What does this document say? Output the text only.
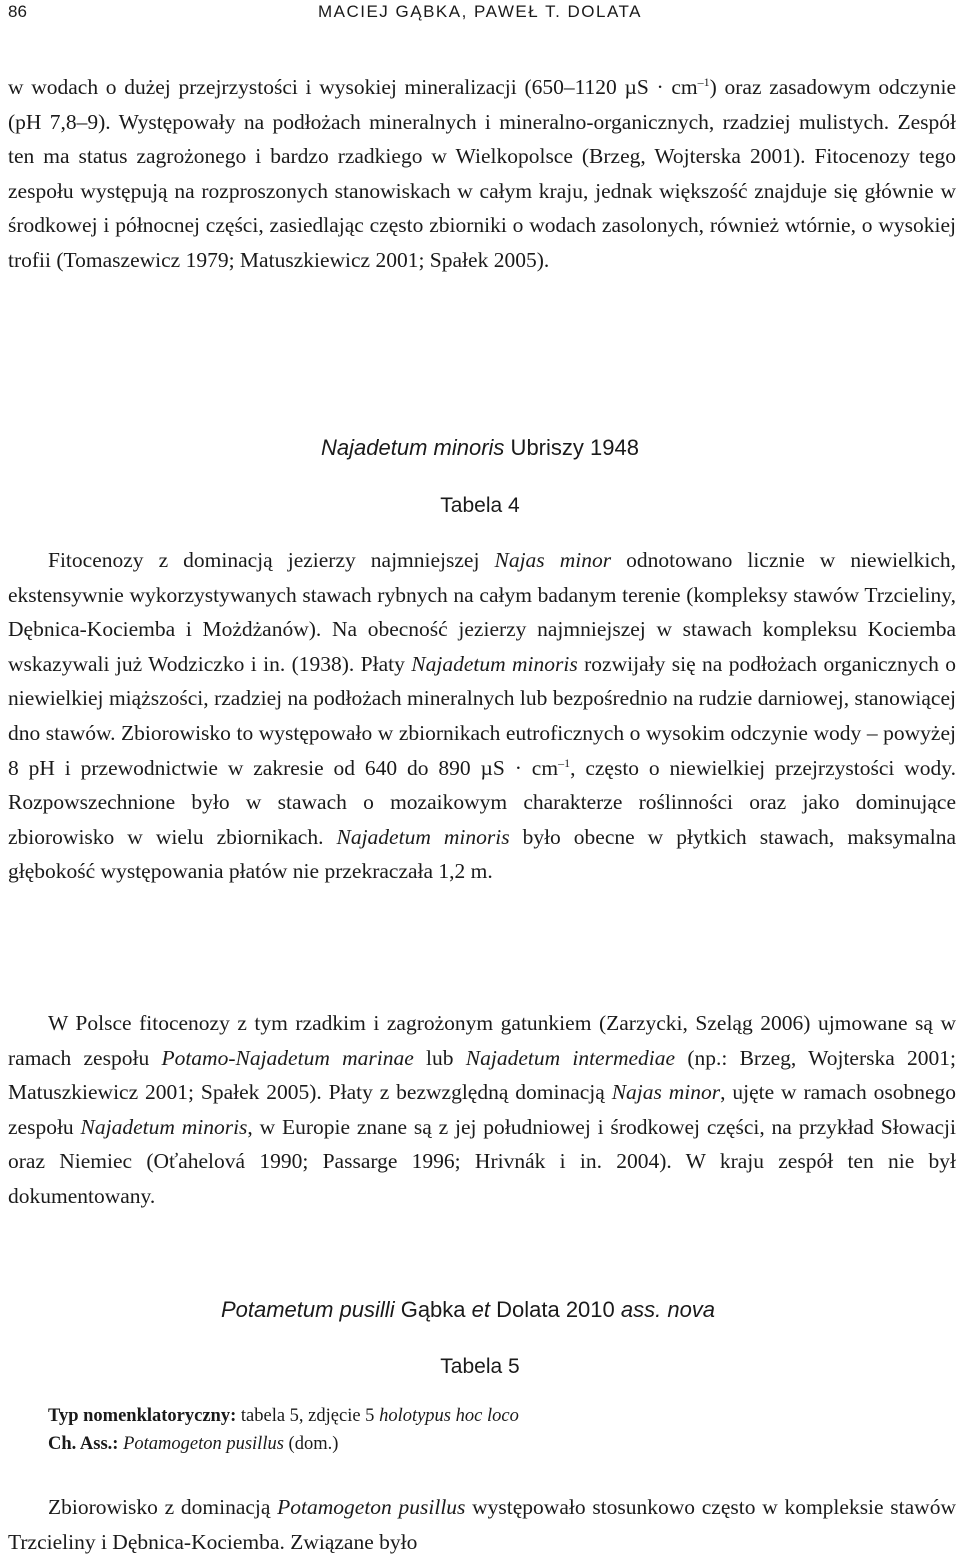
86	MACIEJ GĄBKA, PAWEŁ T. DOLATA

w wodach o dużej przejrzystości i wysokiej mineralizacji (650–1120 $\mu S \cdot cm^{-1}$) oraz zasadowym odczynie (pH 7,8–9). Występowały na podłożach mineralnych i mineralno-organicznych, rzadziej mulistych. Zespół ten ma status zagrożonego i bardzo rzadkiego w Wielkopolsce (Brzeg, Wojterska 2001). Fitocenozy tego zespołu występują na rozproszonych stanowiskach w całym kraju, jednak większość znajduje się głównie w środkowej i północnej części, zasiedlając często zbiorniki o wodach zasolonych, również wtórnie, o wysokiej trofii (Tomaszewicz 1979; Matuszkiewicz 2001; Spałek 2005).

Najadetum minoris Ubriszy 1948
Tabela 4

Fitocenozy z dominacją jezierzy najmniejszej Najas minor odnotowano licznie w niewielkich, ekstensywnie wykorzystywanych stawach rybnych na całym badanym terenie (kompleksy stawów Trzcieliny, Dębnica-Kociemba i Możdżanów). Na obecność jezierzy najmniejszej w stawach kompleksu Kociemba wskazywali już Wodziczko i in. (1938). Płaty Najadetum minoris rozwijały się na podłożach organicznych o niewielkiej miąższości, rzadziej na podłożach mineralnych lub bezpośrednio na rudzie darniowej, stanowiącej dno stawów. Zbiorowisko to występowało w zbiornikach eutroficznych o wysokim odczynie wody – powyżej 8 pH i przewodnictwie w zakresie od 640 do 890 $\mu S \cdot cm^{-1}$, często o niewielkiej przejrzystości wody. Rozpowszechnione było w stawach o mozaikowym charakterze roślinności oraz jako dominujące zbiorowisko w wielu zbiornikach. Najadetum minoris było obecne w płytkich stawach, maksymalna głębokość występowania płatów nie przekraczała 1,2 m.

W Polsce fitocenozy z tym rzadkim i zagrożonym gatunkiem (Zarzycki, Szeląg 2006) ujmowane są w ramach zespołu Potamo-Najadetum marinae lub Najadetum intermediae (np.: Brzeg, Wojterska 2001; Matuszkiewicz 2001; Spałek 2005). Płaty z bezwzględną dominacją Najas minor, ujęte w ramach osobnego zespołu Najadetum minoris, w Europie znane są z jej południowej i środkowej części, na przykład Słowacji oraz Niemiec (Oťahelová 1990; Passarge 1996; Hrivnák i in. 2004). W kraju zespół ten nie był dokumentowany.

Potametum pusilli Gąbka et Dolata 2010 ass. nova
Tabela 5
Typ nomenklatoryczny: tabela 5, zdjęcie 5 holotypus hoc loco
Ch. Ass.: Potamogeton pusillus (dom.)

Zbiorowisko z dominacją Potamogeton pusillus występowało stosunkowo często w kompleksie stawów Trzcieliny i Dębnica-Kociemba. Związane było
